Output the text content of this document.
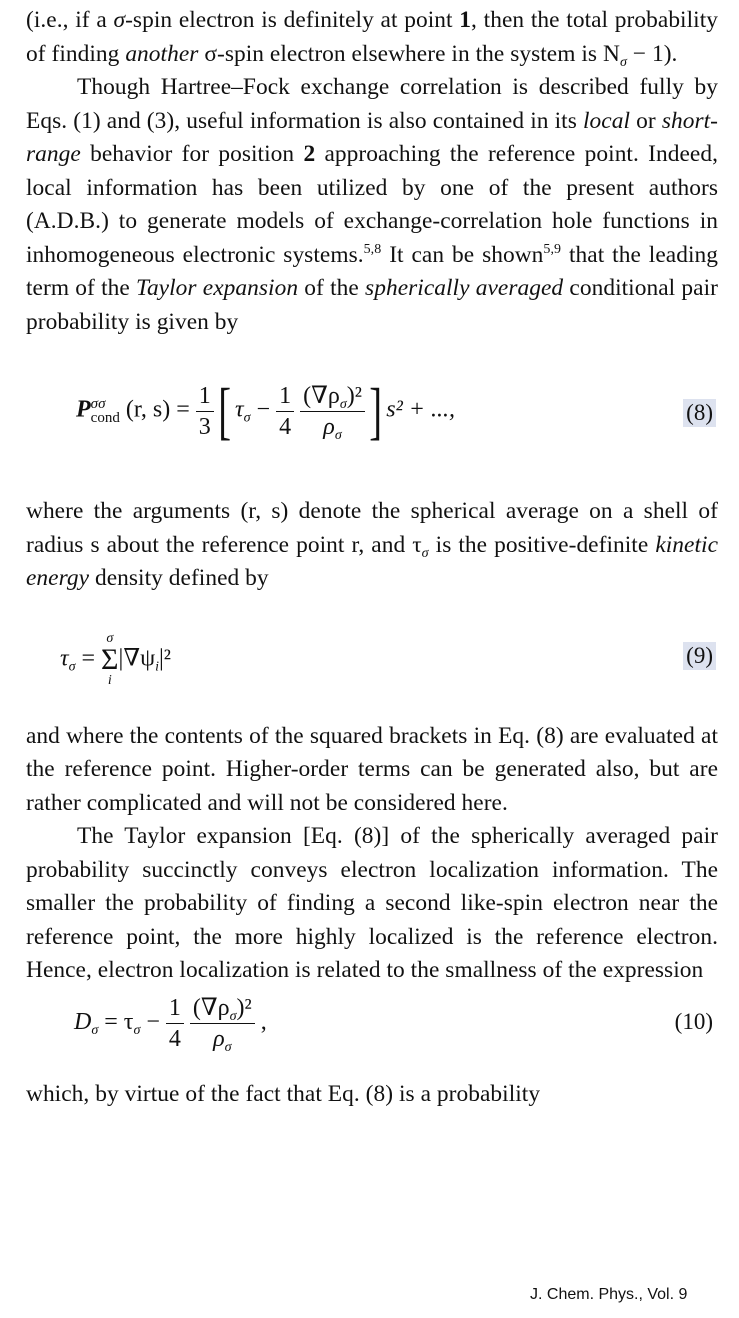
(i.e., if a σ-spin electron is definitely at point 1, then the total probability of finding another σ-spin electron elsewhere in the system is $N_\sigma - 1$).

Though Hartree–Fock exchange correlation is described fully by Eqs. (1) and (3), useful information is also contained in its local or short-range behavior for position 2 approaching the reference point. Indeed, local information has been utilized by one of the present authors (A.D.B.) to generate models of exchange-correlation hole functions in inhomogeneous electronic systems.$^{5,8}$ It can be shown$^{5,9}$ that the leading term of the Taylor expansion of the spherically averaged conditional pair probability is given by

P σσ
cond (r, $s) = \frac{1}{3}$ [ $\tau_\sigma - \frac{1}{4}$
$\frac{(\nabla\rho_\sigma)^2}{\rho_\sigma}$ ] s² + ...,	(8)

where the arguments (r, s) denote the spherical average on a shell of radius s about the reference point r, and $\tau_\sigma$ is the positive-definite kinetic energy density defined by

$\tau_\sigma$ =
σ
Σ
i
$|\nabla\psi_i|^2$	(9)

and where the contents of the squared brackets in Eq. (8) are evaluated at the reference point. Higher-order terms can be generated also, but are rather complicated and will not be considered here.

The Taylor expansion [Eq. (8)] of the spherically averaged pair probability succinctly conveys electron localization information. The smaller the probability of finding a second like-spin electron near the reference point, the more highly localized is the reference electron. Hence, electron localization is related to the smallness of the expression

$D_\sigma = \tau_\sigma - \frac{1}{4}$
$\frac{(\nabla\rho_\sigma)^2}{\rho_\sigma}$ ,	(10)

which, by virtue of the fact that Eq. (8) is a probability

J. Chem. Phys., Vol. 9
